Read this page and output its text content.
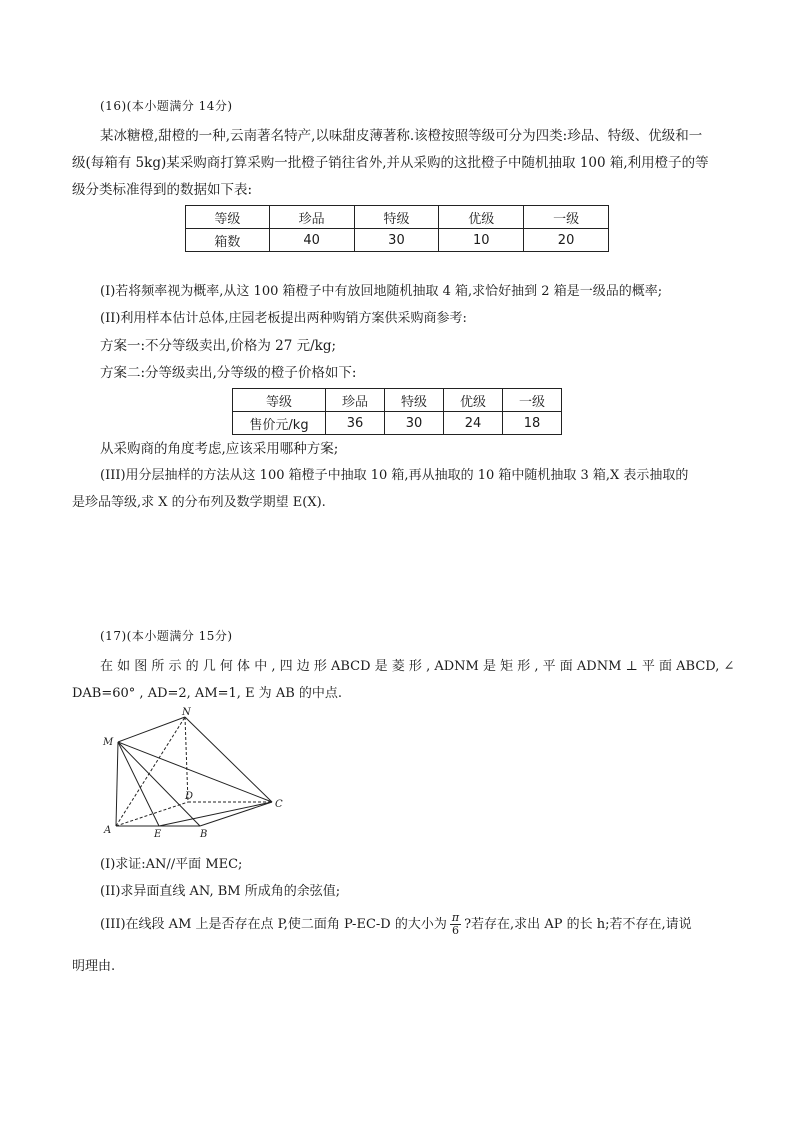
(16)(本小题满分 14分)
某冰糖橙,甜橙的一种,云南著名特产,以味甜皮薄著称.该橙按照等级可分为四类:珍品、特级、优级和一
级(每箱有 5kg)某采购商打算采购一批橙子销往省外,并从采购的这批橙子中随机抽取 100 箱,利用橙子的等
级分类标准得到的数据如下表:
等级	珍品	特级	优级	一级
箱数	40	30	10	20
(I)若将频率视为概率,从这 100 箱橙子中有放回地随机抽取 4 箱,求恰好抽到 2 箱是一级品的概率;
(II)利用样本估计总体,庄园老板提出两种购销方案供采购商参考:
方案一:不分等级卖出,价格为 27 元/kg;
方案二:分等级卖出,分等级的橙子价格如下:
等级	珍品	特级	优级	一级
售价元/kg	36	30	24	18
从采购商的角度考虑,应该采用哪种方案;
(III)用分层抽样的方法从这 100 箱橙子中抽取 10 箱,再从抽取的 10 箱中随机抽取 3 箱,X 表示抽取的
是珍品等级,求 X 的分布列及数学期望 E(X).
(17)(本小题满分 15分)
在 如 图 所 示 的 几 何 体 中 , 四 边 形 ABCD 是 菱 形 , ADNM 是 矩 形 , 平 面 ADNM ⊥ 平 面 ABCD, ∠
DAB=60° , AD=2, AM=1, E 为 AB 的中点.
M
N
D
C
A	E	B
(I)求证:AN//平面 MEC;
(II)求异面直线 AN, BM 所成角的余弦值;
(III)在线段 AM 上是否存在点 P,使二面角 P-EC-D 的大小为 $\frac{\pi}{6}$ ?若存在,求出 AP 的长 h;若不存在,请说
明理由.
